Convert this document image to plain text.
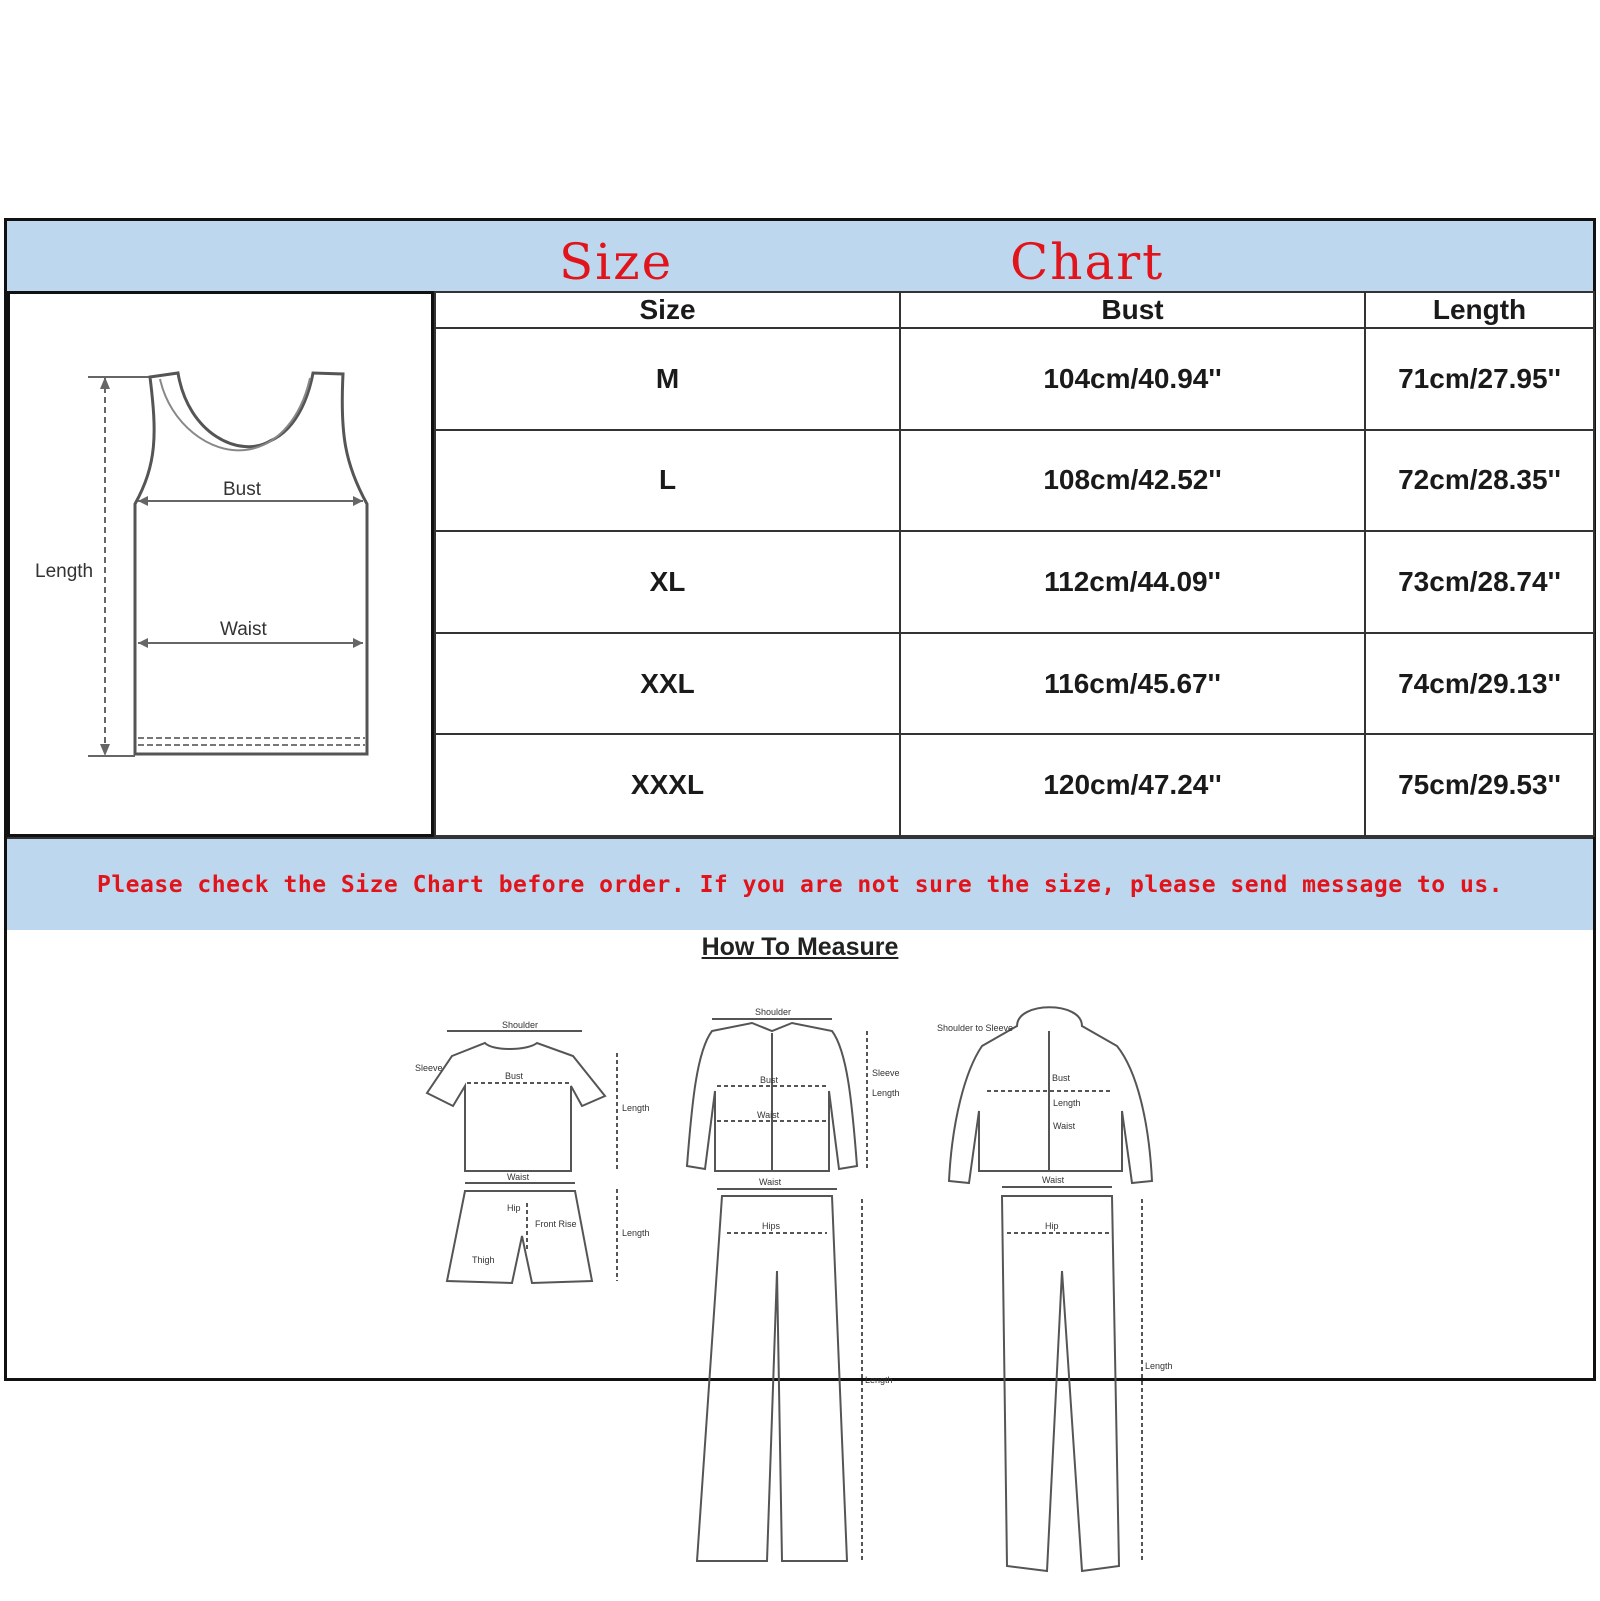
Size	Chart
Length
Bust
Waist
Size	Bust	Length
M	104cm/40.94''	71cm/27.95''
L	108cm/42.52''	72cm/28.35''
XL	112cm/44.09''	73cm/28.74''
XXL	116cm/45.67''	74cm/29.13''
XXXL	120cm/47.24''	75cm/29.53''
Please check the Size Chart before order. If you are not sure the size, please send message to us.
How To Measure
Shoulder
Sleeve
Bust
Length
Waist
Hip
Front Rise
Thigh
Length
Shoulder
Bust
Waist
Sleeve
Length
Waist
Hips
Length
Shoulder to Sleeve
Bust
Length
Waist
Waist
Hip
Length
